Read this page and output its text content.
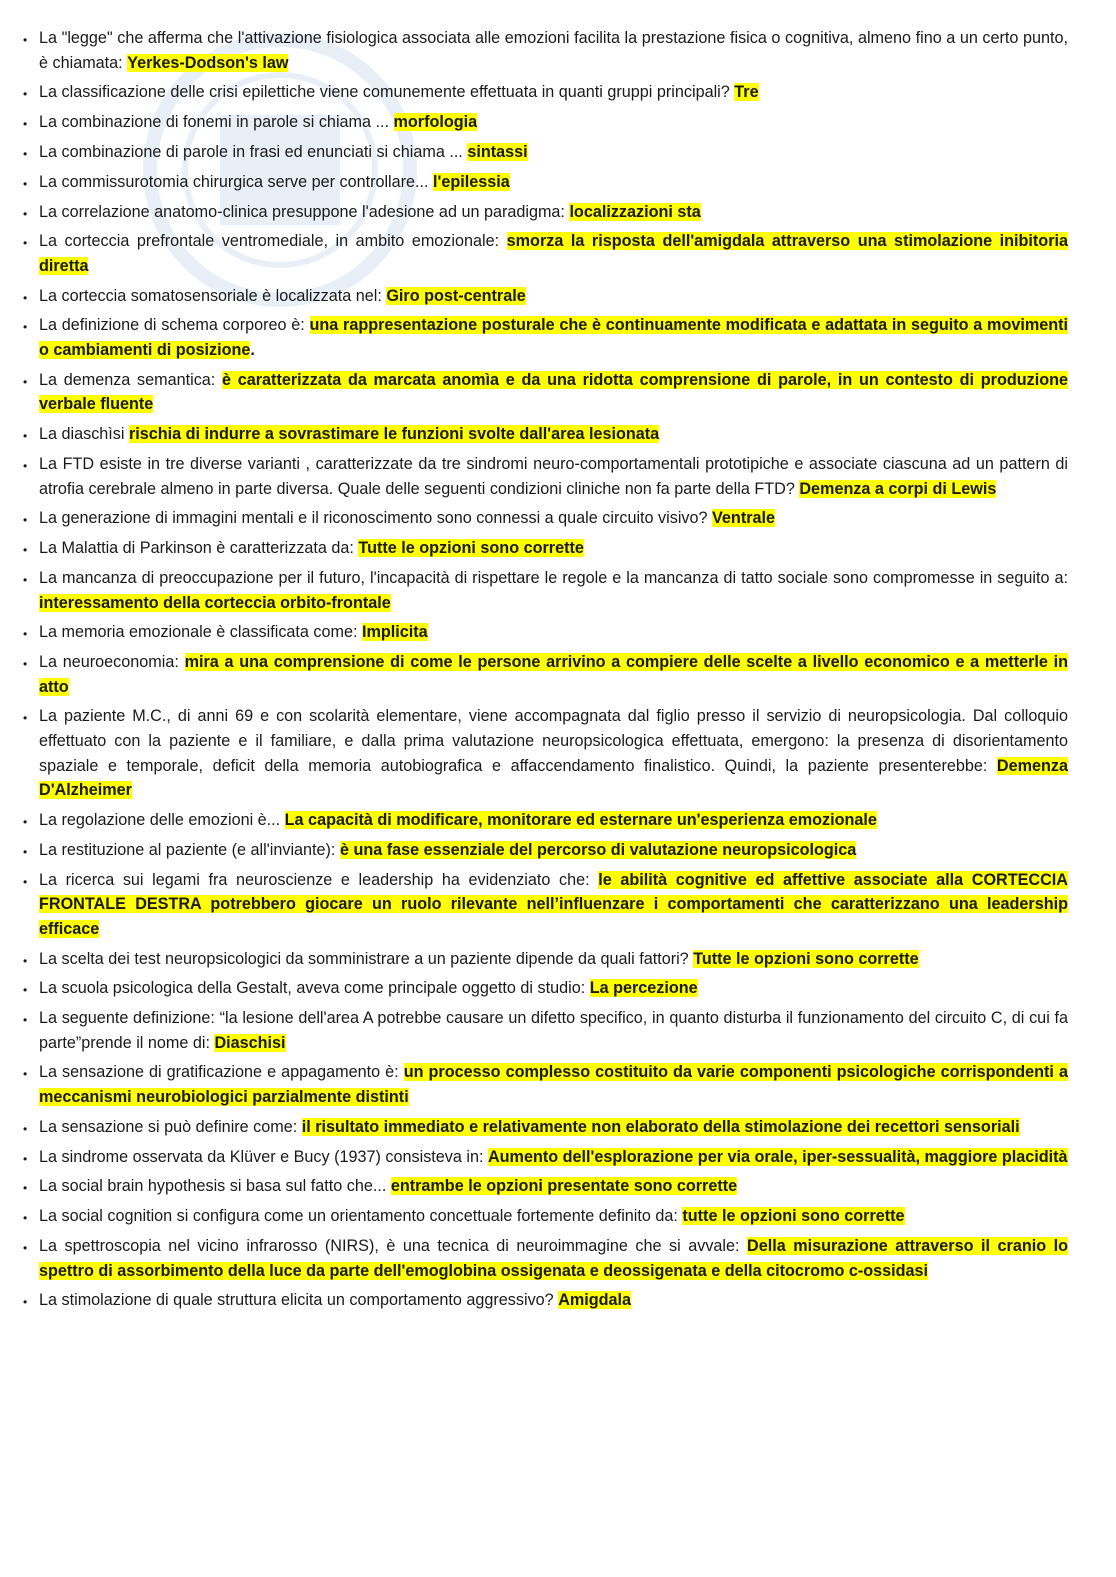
• La "legge" che afferma che l'attivazione fisiologica associata alle emozioni facilita la prestazione fisica o cognitiva, almeno fino a un certo punto, è chiamata: Yerkes-Dodson's law
• La classificazione delle crisi epilettiche viene comunemente effettuata in quanti gruppi principali? Tre
• La combinazione di fonemi in parole si chiama ... morfologia
• La combinazione di parole in frasi ed enunciati si chiama ... sintassi
• La commissurotomia chirurgica serve per controllare... l'epilessia
• La correlazione anatomo-clinica presuppone l'adesione ad un paradigma: localizzazioni sta
• La corteccia prefrontale ventromediale, in ambito emozionale: smorza la risposta dell'amigdala attraverso una stimolazione inibitoria diretta
• La corteccia somatosensoriale è localizzata nel: Giro post-centrale
• La definizione di schema corporeo è: una rappresentazione posturale che è continuamente modificata e adattata in seguito a movimenti o cambiamenti di posizione.
• La demenza semantica: è caratterizzata da marcata anomìa e da una ridotta comprensione di parole, in un contesto di produzione verbale fluente
• La diaschìsi rischia di indurre a sovrastimare le funzioni svolte dall'area lesionata
• La FTD esiste in tre diverse varianti , caratterizzate da tre sindromi neuro-comportamentali prototipiche e associate ciascuna ad un pattern di atrofia cerebrale almeno in parte diversa. Quale delle seguenti condizioni cliniche non fa parte della FTD? Demenza a corpi di Lewis
• La generazione di immagini mentali e il riconoscimento sono connessi a quale circuito visivo? Ventrale
• La Malattia di Parkinson è caratterizzata da: Tutte le opzioni sono corrette
• La mancanza di preoccupazione per il futuro, l'incapacità di rispettare le regole e la mancanza di tatto sociale sono compromesse in seguito a: interessamento della corteccia orbito-frontale
• La memoria emozionale è classificata come: Implicita
• La neuroeconomia: mira a una comprensione di come le persone arrivino a compiere delle scelte a livello economico e a metterle in atto
• La paziente M.C., di anni 69 e con scolarità elementare, viene accompagnata dal figlio presso il servizio di neuropsicologia. Dal colloquio effettuato con la paziente e il familiare, e dalla prima valutazione neuropsicologica effettuata, emergono: la presenza di disorientamento spaziale e temporale, deficit della memoria autobiografica e affaccendamento finalistico. Quindi, la paziente presenterebbe: Demenza D'Alzheimer
• La regolazione delle emozioni è... La capacità di modificare, monitorare ed esternare un'esperienza emozionale
• La restituzione al paziente (e all'inviante): è una fase essenziale del percorso di valutazione neuropsicologica
• La ricerca sui legami fra neuroscienze e leadership ha evidenziato che: le abilità cognitive ed affettive associate alla CORTECCIA FRONTALE DESTRA potrebbero giocare un ruolo rilevante nell’influenzare i comportamenti che caratterizzano una leadership efficace
• La scelta dei test neuropsicologici da somministrare a un paziente dipende da quali fattori? Tutte le opzioni sono corrette
• La scuola psicologica della Gestalt, aveva come principale oggetto di studio: La percezione
• La seguente definizione: “la lesione dell'area A potrebbe causare un difetto specifico, in quanto disturba il funzionamento del circuito C, di cui fa parte”prende il nome di: Diaschisi
• La sensazione di gratificazione e appagamento è: un processo complesso costituito da varie componenti psicologiche corrispondenti a meccanismi neurobiologici parzialmente distinti
• La sensazione si può definire come: il risultato immediato e relativamente non elaborato della stimolazione dei recettori sensoriali
• La sindrome osservata da Klüver e Bucy (1937) consisteva in: Aumento dell'esplorazione per via orale, iper-sessualità, maggiore placidità
• La social brain hypothesis si basa sul fatto che... entrambe le opzioni presentate sono corrette
• La social cognition si configura come un orientamento concettuale fortemente definito da: tutte le opzioni sono corrette
• La spettroscopia nel vicino infrarosso (NIRS), è una tecnica di neuroimmagine che si avvale: Della misurazione attraverso il cranio lo spettro di assorbimento della luce da parte dell'emoglobina ossigenata e deossigenata e della citocromo c-ossidasi
• La stimolazione di quale struttura elicita un comportamento aggressivo? Amigdala
